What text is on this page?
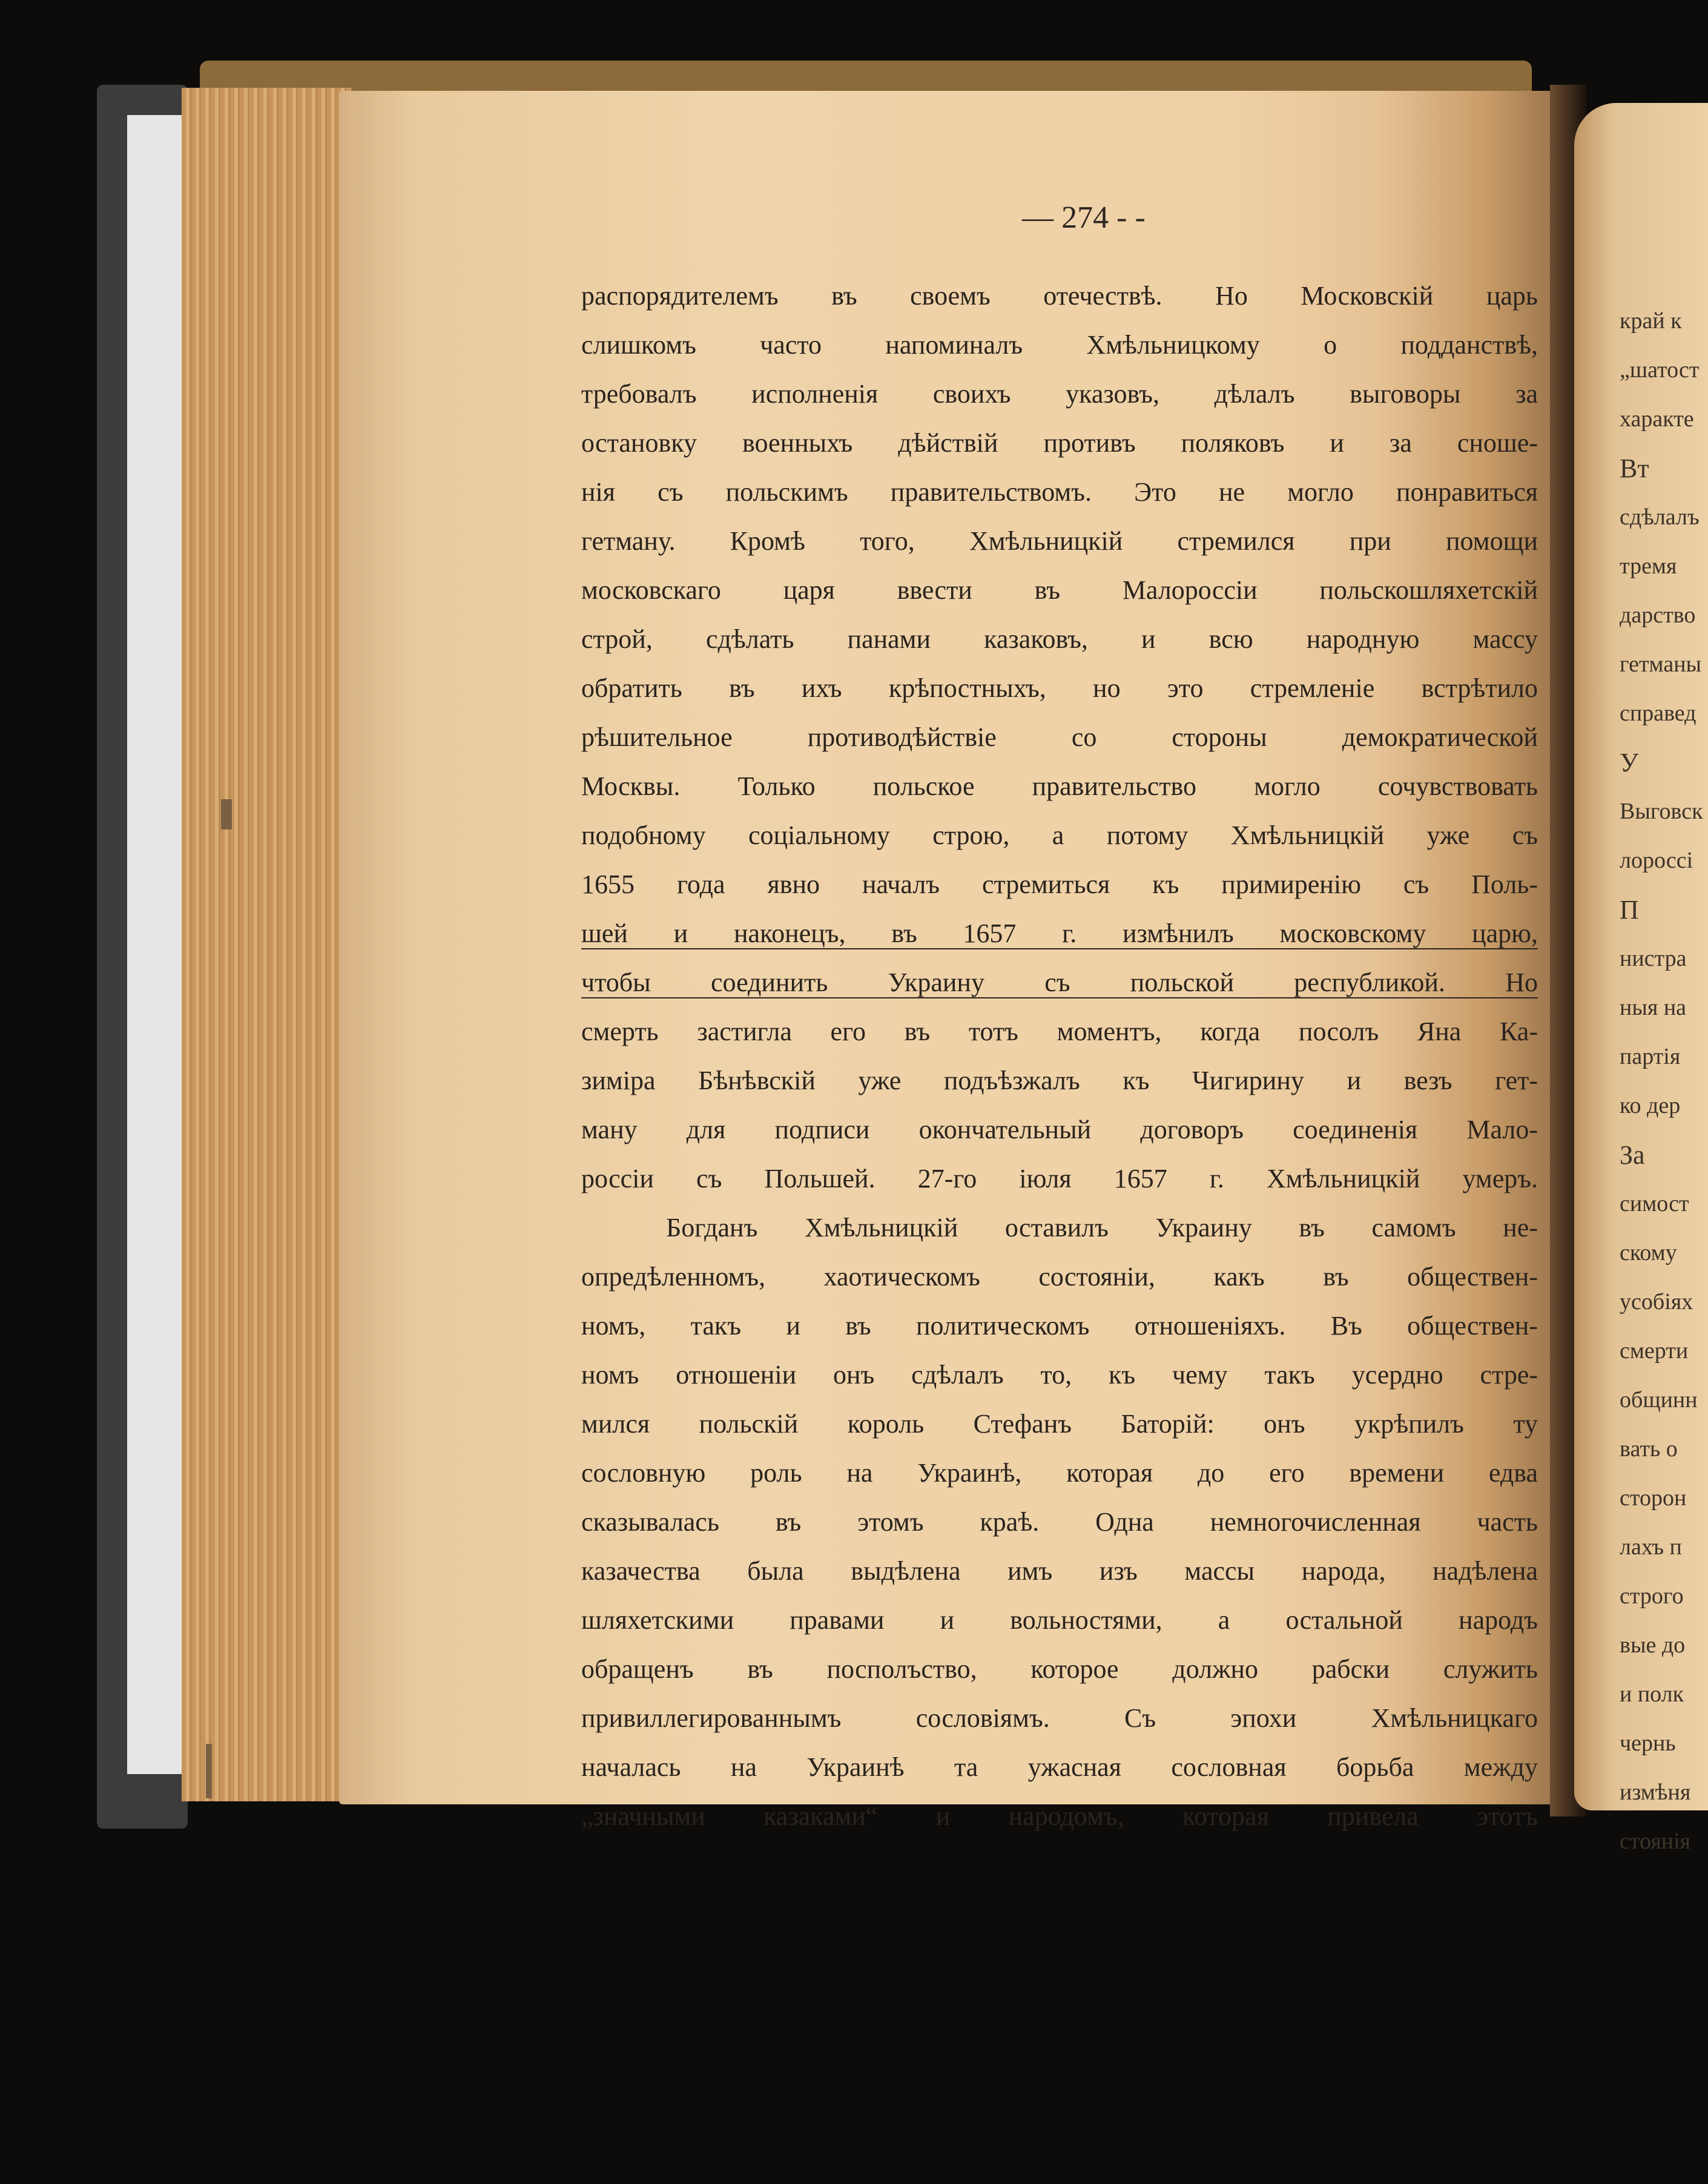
— 274 - -
распорядителемъ въ своемъ отечествѣ. Но Московскій царь
слишкомъ часто напоминалъ Хмѣльницкому о подданствѣ,
требовалъ исполненія своихъ указовъ, дѣлалъ выговоры за
остановку военныхъ дѣйствій противъ поляковъ и за сноше-
нія съ польскимъ правительствомъ. Это не могло понравиться
гетману. Кромѣ того, Хмѣльницкій стремился при помощи
московскаго царя ввести въ Малороссіи польскошляхетскій
строй, сдѣлать панами казаковъ, и всю народную массу
обратить въ ихъ крѣпостныхъ, но это стремленіе встрѣтило
рѣшительное противодѣйствіе со стороны демократической
Москвы. Только польское правительство могло сочувствовать
подобному соціальному строю, а потому Хмѣльницкій уже съ
1655 года явно началъ стремиться къ примиренію съ Поль-
шей и наконецъ, въ 1657 г. измѣнилъ московскому царю,
чтобы соединить Украину съ польской республикой. Но
смерть застигла его въ тотъ моментъ, когда посолъ Яна Ка-
зиміра Бѣнѣвскій уже подъѣзжалъ къ Чигирину и везъ гет-
ману для подписи окончательный договоръ соединенія Мало-
россіи съ Польшей. 27-го іюля 1657 г. Хмѣльницкій умеръ.
Богданъ Хмѣльницкій оставилъ Украину въ самомъ не-
опредѣленномъ, хаотическомъ состояніи, какъ въ обществен-
номъ, такъ и въ политическомъ отношеніяхъ. Въ обществен-
номъ отношеніи онъ сдѣлалъ то, къ чему такъ усердно стре-
мился польскій король Стефанъ Баторій: онъ укрѣпилъ ту
сословную роль на Украинѣ, которая до его времени едва
сказывалась въ этомъ краѣ. Одна немногочисленная часть
казачества была выдѣлена имъ изъ массы народа, надѣлена
шляхетскими правами и вольностями, а остальной народъ
обращенъ въ посполъство, которое должно рабски служить
привиллегированнымъ сословіямъ. Съ эпохи Хмѣльницкаго
началась на Украинѣ та ужасная сословная борьба между
„значными казаками“ и народомъ, которая привела этотъ
край к
„шатост
характе
Вт
сдѣлалъ
тремя
дарство
гетманы
справед
У
Выговск
лороссі
П
нистра
ныя на
партія
ко дер
За
симост
скому
усобіях
смерти
общинн
вать о
сторон
лахъ п
строго
вые до
и полк
чернь
измѣня
стоянія
